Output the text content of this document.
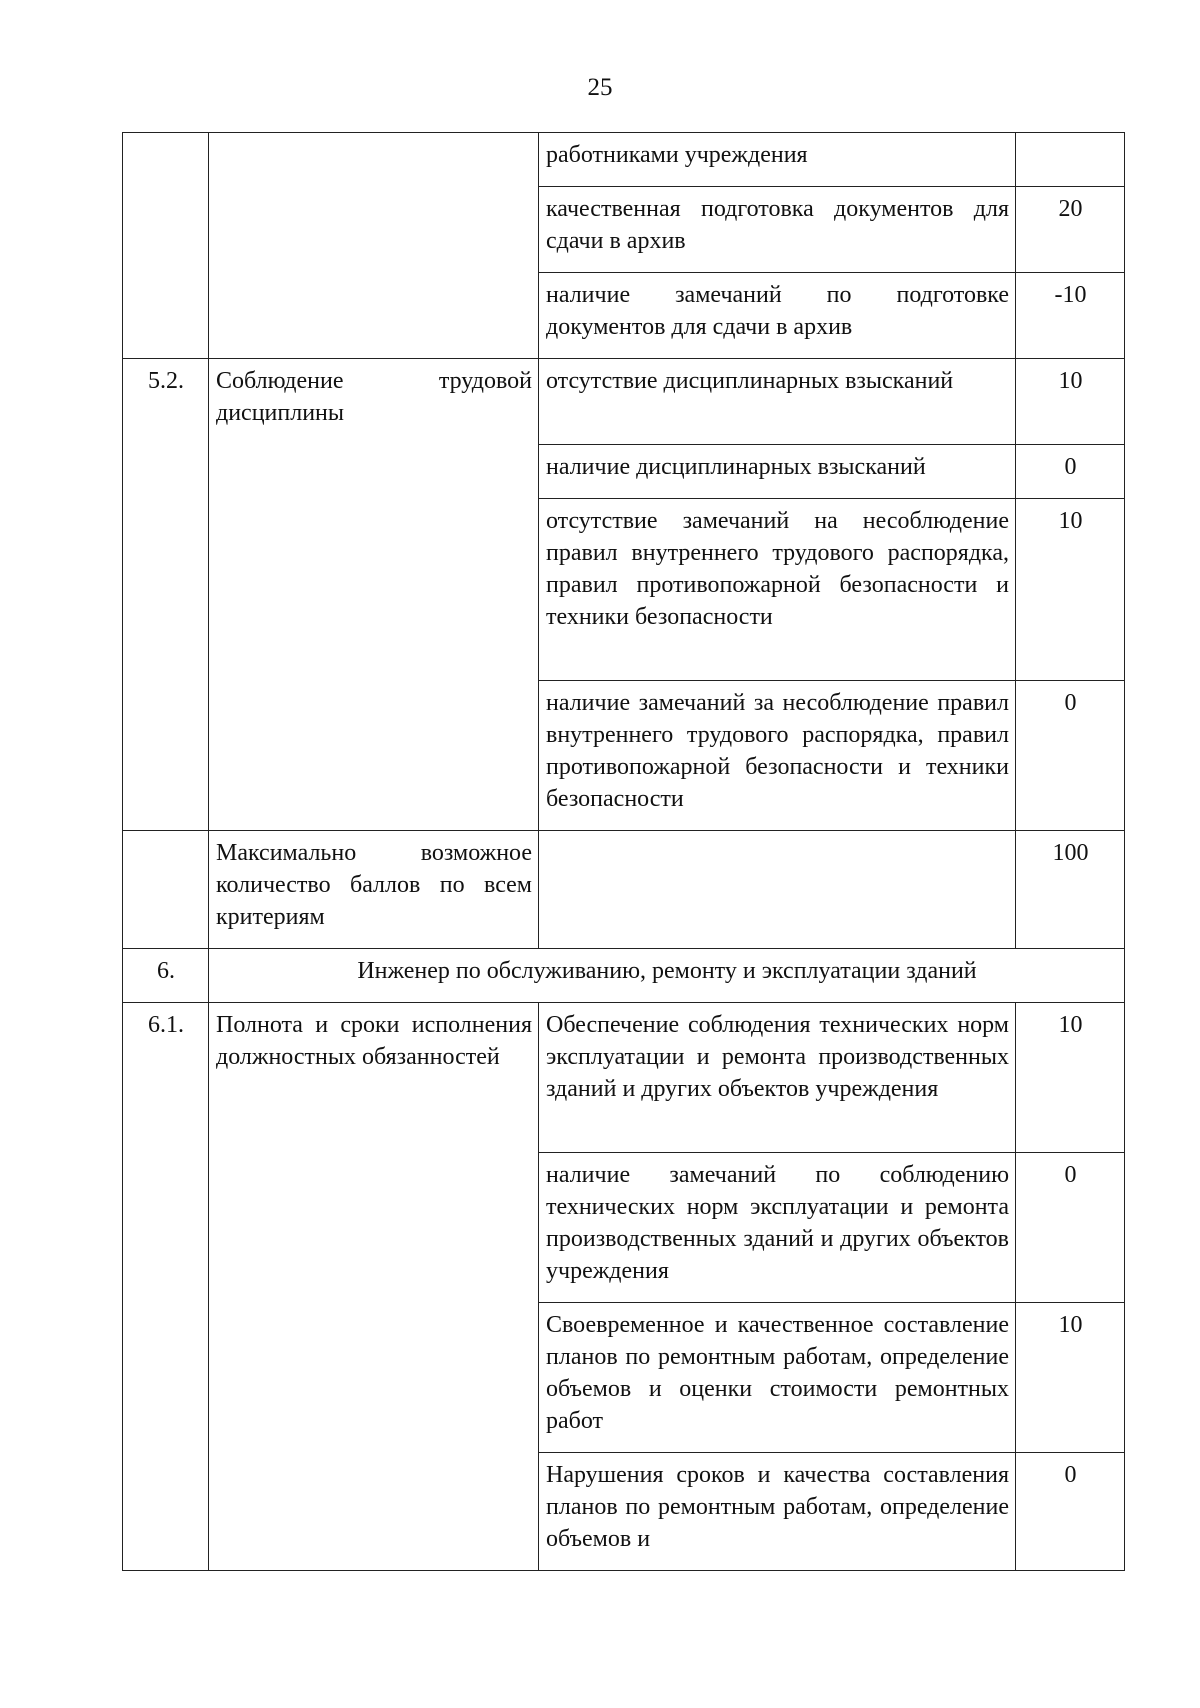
25
		работниками учреждения	
		качественная подготовка документов для сдачи в архив	20
		наличие замечаний по подготовке документов для сдачи в архив	-10
5.2.	Соблюдение трудовой дисциплины	отсутствие дисциплинарных взысканий	10
		наличие дисциплинарных взысканий	0
		отсутствие замечаний на несоблюдение правил внутреннего трудового распорядка, правил противопожарной безопасности и техники безопасности	10
		наличие замечаний за несоблюдение правил внутреннего трудового распорядка, правил противопожарной безопасности и техники безопасности	0
	Максимально возможное количество баллов по всем критериям		100
6.	Инженер по обслуживанию, ремонту и эксплуатации зданий		
6.1.	Полнота и сроки исполнения должностных обязанностей	Обеспечение соблюдения технических норм эксплуатации и ремонта производственных зданий и других объектов учреждения	10
		наличие замечаний по соблюдению технических норм эксплуатации и ремонта производственных зданий и других объектов учреждения	0
		Своевременное и качественное составление планов по ремонтным работам, определение объемов и оценки стоимости ремонтных работ	10
		Нарушения сроков и качества составления планов по ремонтным работам, определение объемов и	0
